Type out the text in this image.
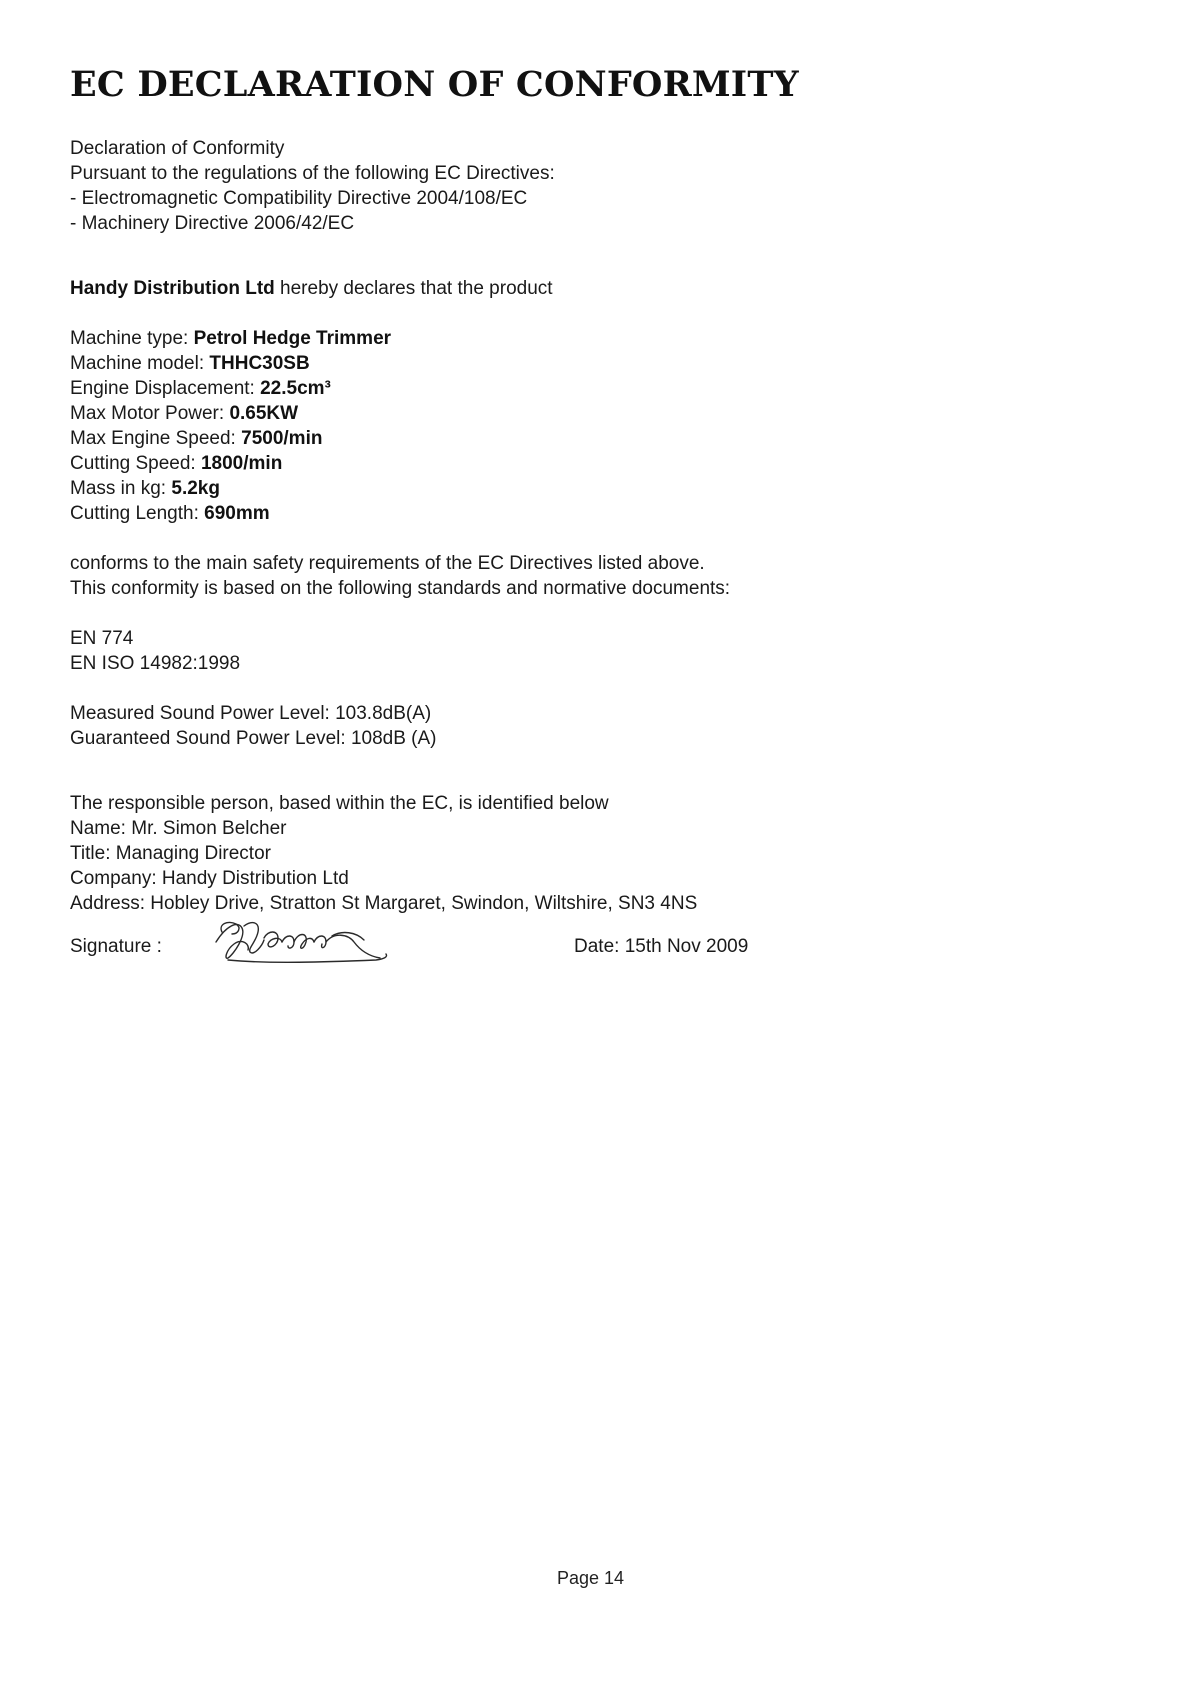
EC DECLARATION OF CONFORMITY
Declaration of Conformity
Pursuant to the regulations of the following EC Directives:
- Electromagnetic Compatibility Directive 2004/108/EC
- Machinery Directive 2006/42/EC
Handy Distribution Ltd hereby declares that the product
Machine type: Petrol Hedge Trimmer
Machine model: THHC30SB
Engine Displacement: 22.5cm³
Max Motor Power: 0.65KW
Max Engine Speed: 7500/min
Cutting Speed: 1800/min
Mass in kg: 5.2kg
Cutting Length: 690mm
conforms to the main safety requirements of the EC Directives listed above.
This conformity is based on the following standards and normative documents:
EN 774
EN ISO 14982:1998
Measured Sound Power Level: 103.8dB(A)
Guaranteed Sound Power Level: 108dB (A)
The responsible person, based within the EC, is identified below
Name: Mr. Simon Belcher
Title: Managing Director
Company: Handy Distribution Ltd
Address: Hobley Drive, Stratton St Margaret, Swindon, Wiltshire, SN3 4NS
Signature :	Date: 15th Nov 2009
Page 14
